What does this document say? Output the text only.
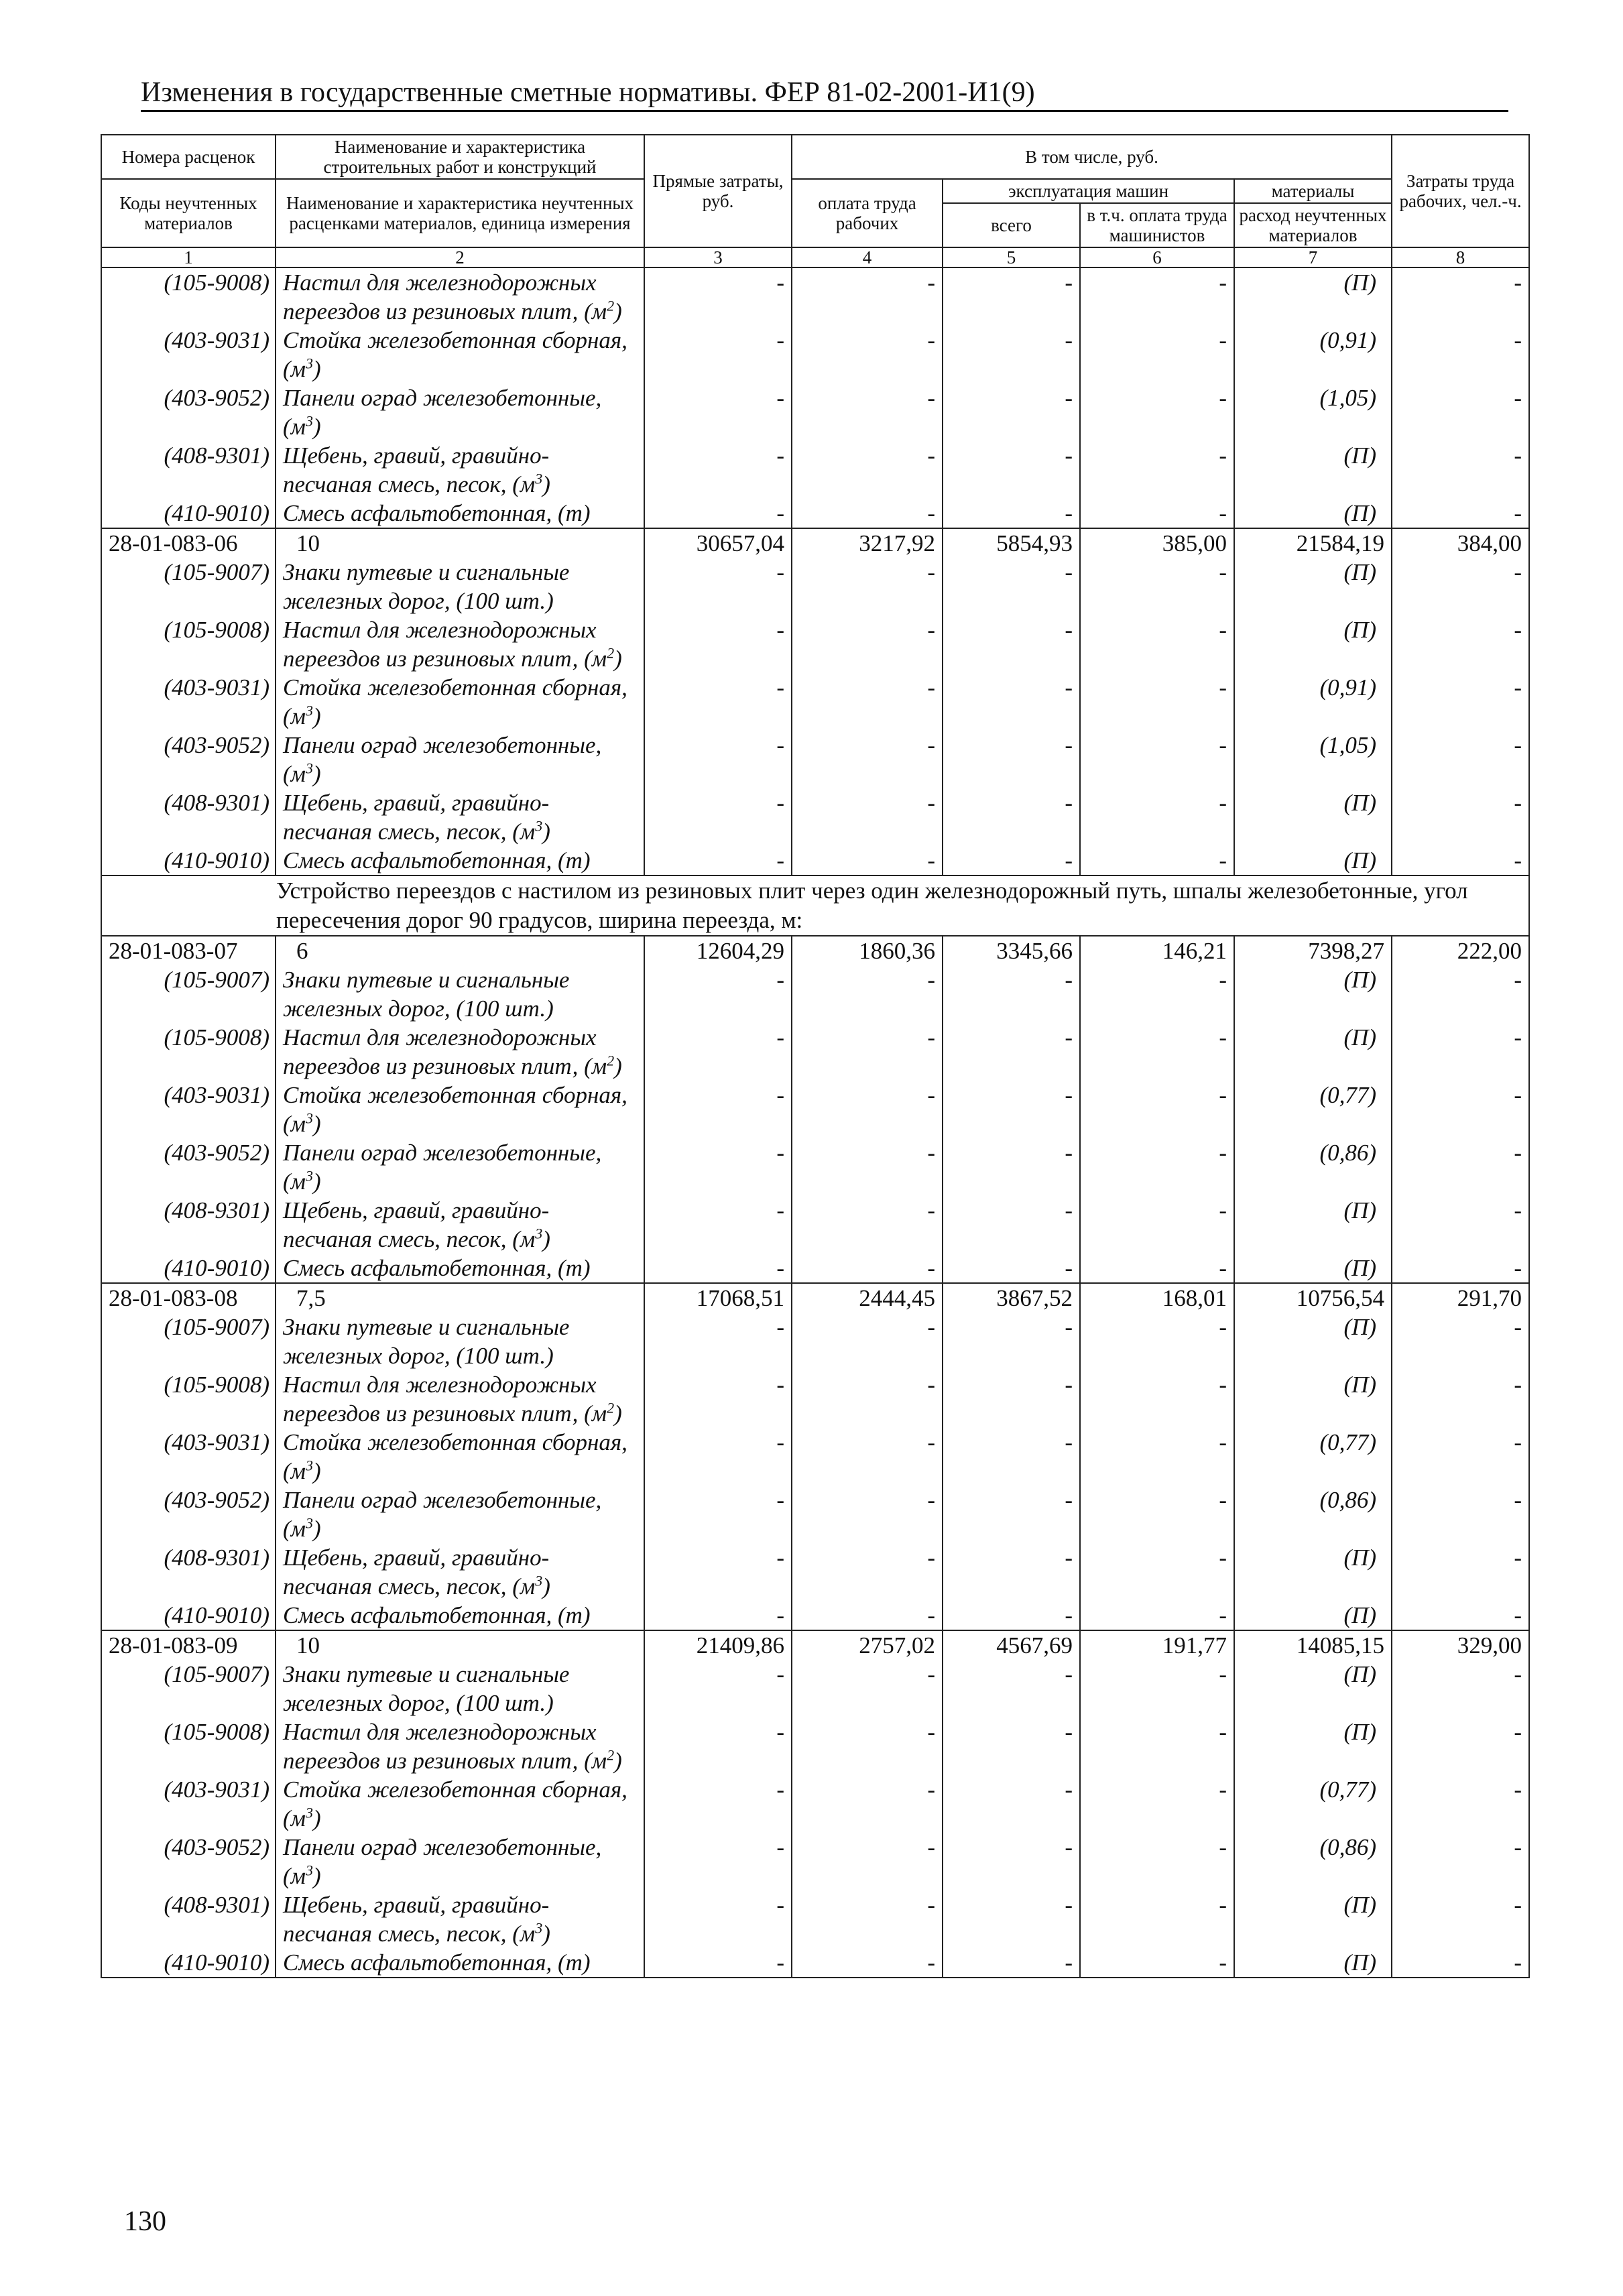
Изменения в государственные сметные нормативы. ФЕР 81-02-2001-И1(9)
Номера расценок	Наименование и характеристика строительных работ и конструкций	Прямые затраты, руб.	В том числе, руб.				Затраты труда рабочих, чел.-ч.
Коды неучтенных материалов	Наименование и характеристика неучтенных расценками материалов, единица измерения		оплата труда рабочих	эксплуатация машин		материалы	
				всего	в т.ч. оплата труда машинистов	расход неучтенных материалов	
1	2	3	4	5	6	7	8
(105-9008)	Настил для железнодорожных переездов из резиновых плит, $(м^2)$	-	-	-	-	(П)	-
(403-9031)	Стойка железобетонная сборная, $(м^3)$	-	-	-	-	(0,91)	-
(403-9052)	Панели оград железобетонные, $(м^3)$	-	-	-	-	(1,05)	-
(408-9301)	Щебень, гравий, гравийно-песчаная смесь, песок, $(м^3)$	-	-	-	-	(П)	-
(410-9010)	Смесь асфальтобетонная, (т)	-	-	-	-	(П)	-
28-01-083-06	10	30657,04	3217,92	5854,93	385,00	21584,19	384,00
(105-9007)	Знаки путевые и сигнальные железных дорог, (100 шт.)	-	-	-	-	(П)	-
(105-9008)	Настил для железнодорожных переездов из резиновых плит, $(м^2)$	-	-	-	-	(П)	-
(403-9031)	Стойка железобетонная сборная, $(м^3)$	-	-	-	-	(0,91)	-
(403-9052)	Панели оград железобетонные, $(м^3)$	-	-	-	-	(1,05)	-
(408-9301)	Щебень, гравий, гравийно-песчаная смесь, песок, $(м^3)$	-	-	-	-	(П)	-
(410-9010)	Смесь асфальтобетонная, (т)	-	-	-	-	(П)	-
Устройство переездов с настилом из резиновых плит через один железнодорожный путь, шпалы железобетонные, угол пересечения дорог 90 градусов, ширина переезда, м:							
28-01-083-07	6	12604,29	1860,36	3345,66	146,21	7398,27	222,00
(105-9007)	Знаки путевые и сигнальные железных дорог, (100 шт.)	-	-	-	-	(П)	-
(105-9008)	Настил для железнодорожных переездов из резиновых плит, $(м^2)$	-	-	-	-	(П)	-
(403-9031)	Стойка железобетонная сборная, $(м^3)$	-	-	-	-	(0,77)	-
(403-9052)	Панели оград железобетонные, $(м^3)$	-	-	-	-	(0,86)	-
(408-9301)	Щебень, гравий, гравийно-песчаная смесь, песок, $(м^3)$	-	-	-	-	(П)	-
(410-9010)	Смесь асфальтобетонная, (т)	-	-	-	-	(П)	-
28-01-083-08	7,5	17068,51	2444,45	3867,52	168,01	10756,54	291,70
(105-9007)	Знаки путевые и сигнальные железных дорог, (100 шт.)	-	-	-	-	(П)	-
(105-9008)	Настил для железнодорожных переездов из резиновых плит, $(м^2)$	-	-	-	-	(П)	-
(403-9031)	Стойка железобетонная сборная, $(м^3)$	-	-	-	-	(0,77)	-
(403-9052)	Панели оград железобетонные, $(м^3)$	-	-	-	-	(0,86)	-
(408-9301)	Щебень, гравий, гравийно-песчаная смесь, песок, $(м^3)$	-	-	-	-	(П)	-
(410-9010)	Смесь асфальтобетонная, (т)	-	-	-	-	(П)	-
28-01-083-09	10	21409,86	2757,02	4567,69	191,77	14085,15	329,00
(105-9007)	Знаки путевые и сигнальные железных дорог, (100 шт.)	-	-	-	-	(П)	-
(105-9008)	Настил для железнодорожных переездов из резиновых плит, $(м^2)$	-	-	-	-	(П)	-
(403-9031)	Стойка железобетонная сборная, $(м^3)$	-	-	-	-	(0,77)	-
(403-9052)	Панели оград железобетонные, $(м^3)$	-	-	-	-	(0,86)	-
(408-9301)	Щебень, гравий, гравийно-песчаная смесь, песок, $(м^3)$	-	-	-	-	(П)	-
(410-9010)	Смесь асфальтобетонная, (т)	-	-	-	-	(П)	-
130
